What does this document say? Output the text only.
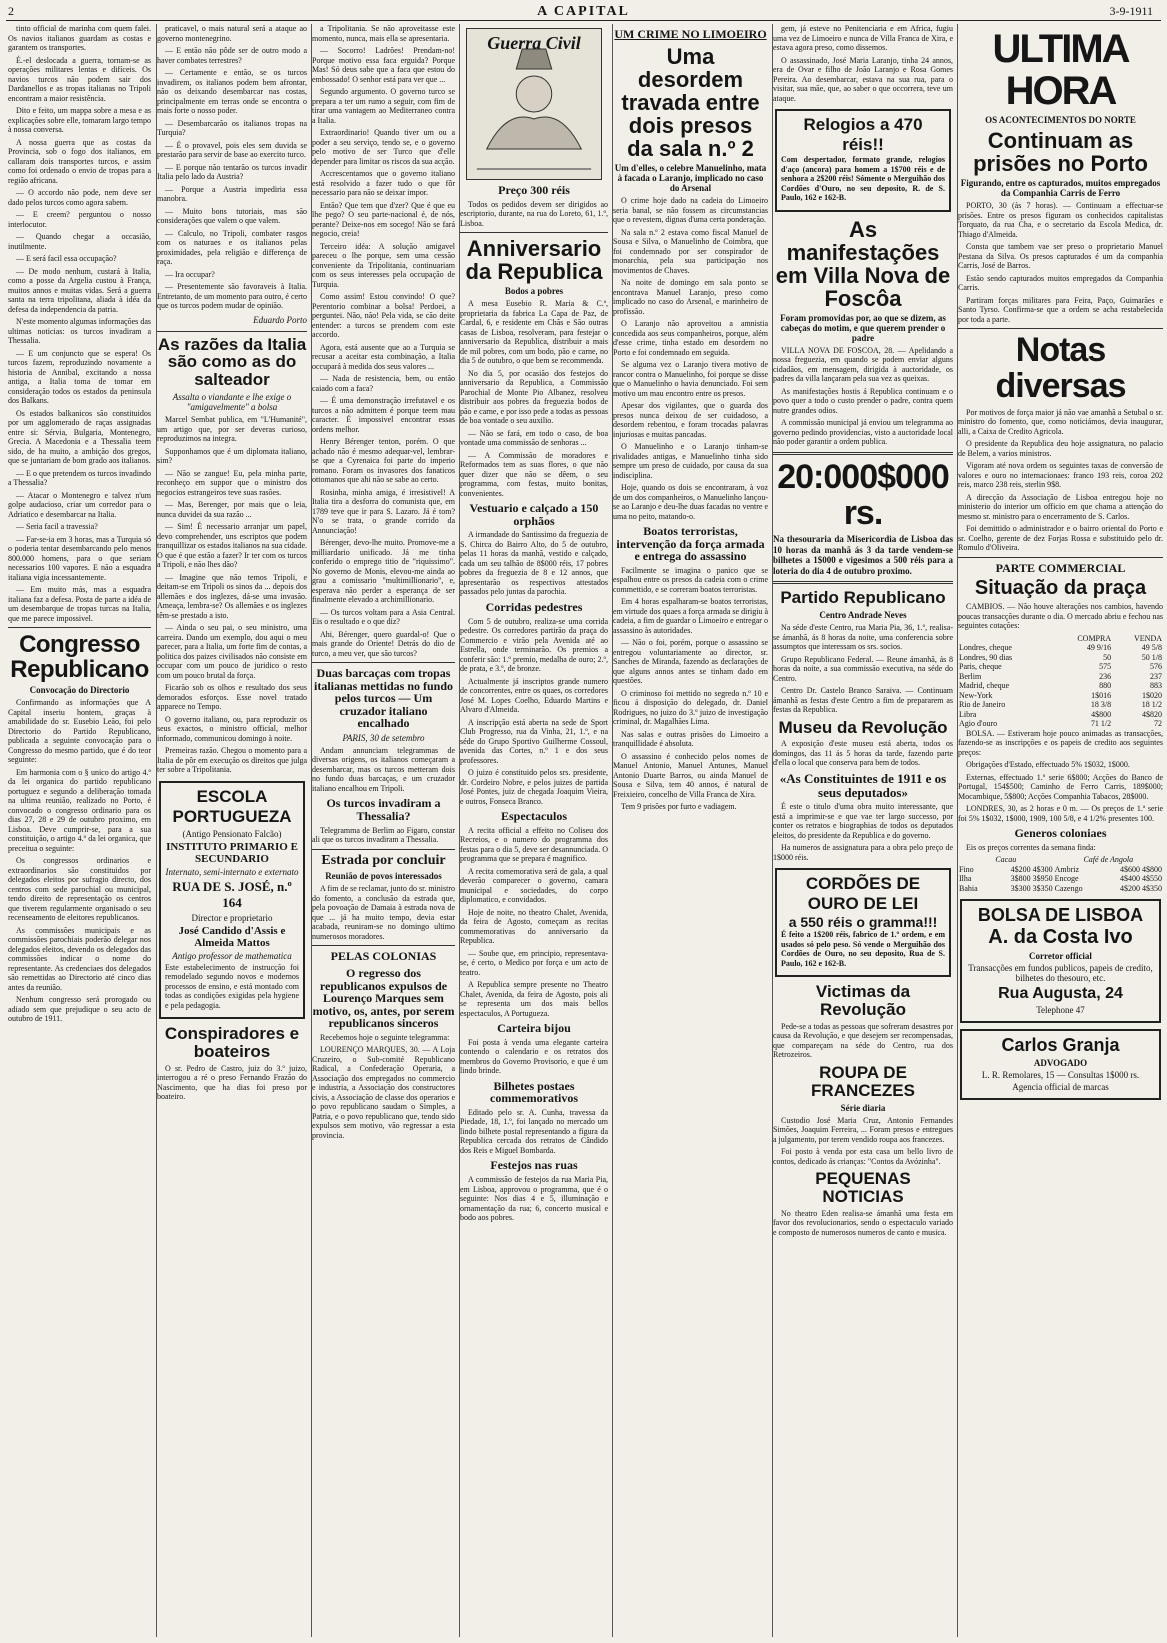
2	A CAPITAL	3-9-1911

tinto official de marinha com quem falei. Os navios italianos guardam as costas e garantem os transportes.

É.-el deslocada a guerra, tornam-se as operações militares lentas e difíceis. Os navios turcos não podem sair dos Dardanellos e as tropas italianas no Tripoli encontram a maior resistência.

Dito e feito, um mappa sobre a mesa e as explicações sobre elle, tomaram largo tempo à nossa conversa.

A nossa guerra que as costas da Provincia, sob o fogo dos italianos, em callaram dois transportes turcos, e assim como foi ordenado o envio de tropas para a região africana.

— O accordo não pode, nem deve ser dado pelos turcos como agora sabem.

— E creem? perguntou o nosso interlocutor.

— Quando chegar a occasião, inutilmente.

— E será facil essa occupação?

— De modo nenhum, custará à Italia, como a posse da Argelia custou à França, muitos annos e muitas vidas. Será a guerra santa na terra tripolitana, aliada à idéa da defesa da independencia da patria.

N'este momento algumas informações das ultimas noticias: os turcos invadiram a Thessalia.

— E um conjuncto que se espera! Os turcos fazem, reproduzindo novamente a historia de Annibal, excitando a nossa antiga, a Italia toma de tomar em consideração todos os estados da peninsula dos Balkans.

Os estados balkanicos são constituidos por um agglomerado de raças assignadas entre si: Sérvia, Bulgaria, Montenegro, Grecia. A Macedonia e a Thessalia teem sido, de ha muito, a ambição dos gregos, que se juntariam de bom grado aos italianos.

— E o que pretendem os turcos invadindo a Thessalia?

— Atacar o Montenegro e talvez n'um golpe audacioso, criar um corredor para o Adriatico e desembarcar na Italia.

— Seria facil a travessia?

— Far-se-ia em 3 horas, mas a Turquia só o poderia tentar desembarcando pelo menos 800.000 homens, para o que seriam necessarios 100 vapores. E não a esquadra italiana vigia incessantemente.

— Em muito más, mas a esquadra italiana faz a defesa. Posta de parte a idéa de um desembarque de tropas turcas na Italia, que me parece impossivel.

Congresso Republicano
Convocação do Directorio

Confirmando as informações que A Capital inseriu hontem, graças à amabilidade do sr. Eusebio Leão, foi pelo Directorio do Partido Republicano, publicada a seguinte convocação para o Congresso do mesmo partido, que é do teor seguinte:

Em harmonia com o § unico do artigo 4.º da lei organica do partido republicano portuguez e segundo a deliberação tomada na ultima reunião, realizado no Porto, é convocado o congresso ordinario para os dias 27, 28 e 29 de outubro proximo, em Lisboa. Deve cumprir-se, para a sua constituição, o artigo 4.º da lei organica, que preceitua o seguinte:

Os congressos ordinarios e extraordinarios são constituidos por delegados eleitos por sufragio directo, dos centros com sede parochial ou municipal, tendo direito de representação os centros que tiverem regularmente organisado o seu recenseamento de eleitores republicanos.

As commissões municipais e as commissões parochiais poderão delegar nos delegados eleitos, devendo os delegados das commissões indicar o nome do representante. As credenciaes dos delegados são remettidas ao Directorio até cinco dias antes da reunião.

Nenhum congresso será prorogado ou adiado sem que prejudique o seu acto de outubro de 1911.

praticavel, o mais natural será a ataque ao governo montenegrino.

— E então não pôde ser de outro modo a haver combates terrestres?

— Certamente e então, se os turcos invadirem, os italianos podem bem afrontar, não os deixando desembarcar nas costas, principalmente em terras onde se encontra o mais forte o nosso poder.

— Desembarcarão os italianos tropas na Turquia?

— É o provavel, pois eles sem duvida se prestarão para servir de base ao exercito turco.

— E porque não tentarão os turcos invadir Italia pelo lado da Austria?

— Porque a Austria impediria essa manobra.

— Muito bons tutoriais, mas são considerações que valem o que valem.

— Calculo, no Tripoli, combater rasgos com os naturaes e os italianos pelas proximidades, pela religião e differença de raça.

— Ira occupar?

— Presentemente são favoraveis à Italia. Entretanto, de um momento para outro, é certo que os turcos podem mudar de opinião.

Eduardo Porto
As razões da Italia são como as do salteador
Assalta o viandante e lhe exige o "amigavelmente" a bolsa

Marcel Sembat publica, em "L'Humanité", um artigo que, por ser deveras curioso, reproduzimos na integra.

Supponhamos que é um diplomata italiano, sim?

— Não se zangue! Eu, pela minha parte, reconheço em suppor que o ministro dos negocios estrangeiros teve suas rasões.

— Mas, Berenger, por mais que o leia, nunca duvidei da sua razão ...

— Sim! É necessario arranjar um papel, devo comprehender, uns escriptos que podem tranquillizar os estados italianos na sua cidade. O que é que estão a fazer? Ir ter com os turcos a Tripoli, e não lhes dão?

— Imagine que não temos Tripoli, e deitam-se em Tripoli os sinos da ... depois dos allemães e dos inglezes, dá-se uma invasão. Ameaça, lembra-se? Os allemães e os inglezes têm-se prestado a isto.

— Ainda o seu pai, o seu ministro, uma carreira. Dando um exemplo, dou aqui o meu parecer, para a Italia, um forte fim de contas, a politica dos paizes civilisados não consiste em occupar com um pouco de juridico o resto com um pouco brutal da força.

Ficarão sob os olhos e resultado dos seus demorados esforços. Esse novel tratado apparece no Tempo.

O governo italiano, ou, para reproduzir os seus exactos, o ministro official, melhor informado, communicou domingo à noite.

Premeiras razão. Chegou o momento para a Italia de pôr em execução os direitos que julga ter sobre a Tripolitania.

ESCOLA PORTUGUEZA
(Antigo Pensionato Falcão)
INSTITUTO PRIMARIO E SECUNDARIO
Internato, semi-internato e externato
RUA DE S. JOSÉ, n.º 164
Director e proprietario
José Candido d'Assis e Almeida Mattos
Antigo professor de mathematica

Este estabelecimento de instrucção foi remodelado segundo novos e modernos processos de ensino, e está montado com todas as condições exigidas pela hygiene e pela pedagogia.

Conspiradores e boateiros

O sr. Pedro de Castro, juiz do 3.º juizo, interrogou a ré o preso Fernando Frazão do Nascimento, que ha dias foi preso por boateiro.

a Tripolitania. Se não aproveitasse este momento, nunca, mais ella se apresentaria.

— Socorro! Ladrões! Prendam-no! Porque motivo essa faca erguida? Porque Mas! Só deus sabe que a faca que estou do embossado! O senhor está para ver que ...

Segundo argumento. O governo turco se prepara a ter um rumo a seguir, com fim de tirar uma vantagem ao Mediterraneo contra a Italia.

Extraordinario! Quando tiver um ou a poder a seu serviço, tendo se, e o governo pelo motivo de ser Turco que d'elle depender para limitar os riscos da sua acção.

Accrescentamos que o governo italiano está resolvido a fazer tudo o que fôr necessario para não se deixar impor.

Então? Que tem que d'zer? Que é que eu lhe pego? O seu parte-nacional é, de nós, perante? Deixe-nos em socego! Não se fará negocio, creia!

Terceiro idéa: A solução amigavel pareceu o lhe porque, sem uma cessão conveniente da Tripolitania, continuariam com os seus interesses pela occupação de Turquia.

Como assim! Estou convindo! O que? Perentorio combinar a bolsa! Perdoei, a perguntei. Não, não! Pela vida, se cão deite entender: a turcos se prendem com este accordo.

Agora, está ausente que ao a Turquia se recusar a aceitar esta combinação, a Italia occupará à medida dos seus valores ...

— Nada de resistencia, bem, ou então caiado com a faca?

— É uma demonstração irrefutavel e os turcos a não admittem é porque teem mau caracter. É impossivel encontrar essas ordens melhor.

Henry Bérenger tenton, porém. O que achado não é mesmo adequar-vel, lembrar-se que a Cyrenaica foi parte do imperio romano. Foram os invasores dos fanaticos ottomanos que ahi não se sabe ao certo.

Rosinha, minha amiga, é irresistivel! A Italia tira a desforra do comunista que, em 1789 teve que ir para S. Lazaro. Já é tom? N'o se trata, o grande corrido da Annunciação!

Bérenger, devo-lhe muito. Promove-me a milliardario unificado. Já me tinha conferido o emprego titio de "riquissimo". No governo de Monis, elevou-me ainda ao grau a comissario "multimillionario", e, esperava não perder a esperança de ser finalmente elevado a archimillionario.

— Os turcos voltam para a Asia Central. Eis o resultado e o que diz?

Ahi, Bérenger, quero guardal-o! Que o mais grande do Oriente! Detrás do dio de turco, a meu ver, que são turcos?

Duas barcaças com tropas italianas mettidas no fundo pelos turcos — Um cruzador italiano encalhado
PARIS, 30 de setembro

Andam annunciam telegrammas de diversas origens, os italianos começaram a desembarcar, mas os turcos metteram dois no fundo duas barcaças, e um cruzador italiano encalhou em Tripoli.

Os turcos invadiram a Thessalia?

Telegramma de Berlim ao Figaro, constar ali que os turcos invadiram a Thessalia.

Estrada por concluir
Reunião de povos interessados

A fim de se reclamar, junto do sr. ministro do fomento, a conclusão da estrada que, pela povoação de Damaia à estrada nova de que ... já ha muito tempo, devia estar acabada, reuniram-se no domingo ultimo numerosos moradores.

PELAS COLONIAS
O regresso dos republicanos expulsos de Lourenço Marques sem motivo, os, antes, por serem republicanos sinceros

Recebemos hoje o seguinte telegramma:

LOURENÇO MARQUES, 30. — A Loja Cruzeiro, o Sub-comité Republicano Radical, a Confederação Operaria, a Associação dos empregados no commercio e industria, a Associação dos constructores civis, a Associação de classe dos operarios e o povo republicano saudam o Simples, a Patria, e o povo republicano que, tendo sido expulsos sem motivo, vão regressar a esta provincia.

Guerra Civil
Preço 300 réis

Todos os pedidos devem ser dirigidos ao escriptorio, durante, na rua do Loreto, 61, 1.º, Lisboa.

Anniversario da Republica
Bodos a pobres

A mesa Eusebio R. Maria & C.ª, proprietaria da fabrica La Capa de Paz, de Cardal, 6, e residente em Chãs e São outras casas de Lisboa, resolveram, para festejar o anniversario da Republica, distribuir a mais de mil pobres, com um bodo, pão e carne, no dia 5 de outubro, o que bem se recommenda.

No dia 5, por ocasião dos festejos do anniversario da Republica, a Commissão Parochial de Monte Pio Albanez, resolveu distribuir aos pobres da freguezia bodos de pão e carne, e por isso pede a todas as pessoas de boa vontade o seu auxilio.

— Não se fará, em todo o caso, de boa vontade uma commissão de senhoras ...

— A Commissão de moradores e Reformados tem as suas flores, o que não quer dizer que não se dêem, o seu programma, com festas, muito bonitas, convenientes.

Vestuario e calçado a 150 orphãos

A irmandade do Santissimo da freguezia de S. Chirca do Bairro Alto, do 5 de outubro, pelas 11 horas da manhã, vestido e calçado, cada um seu talhão de 8$000 réis, 17 pobres pobres da freguezia de 8 e 12 annos, que apresentarão os respectivos attestados passados pelo juntas da parochia.

Corridas pedestres

Com 5 de outubro, realiza-se uma corrida pedestre. Os corredores partirão da praça do Commercio e virão pela Avenida até ao Estrella, onde terminarão. Os premios a conferir são: 1.º premio, medalha de ouro; 2.º, de prata, e 3.º, de bronze.

Actualmente já inscriptos grande numero de concorrentes, entre os quaes, os corredores José M. Lopes Coelho, Eduardo Martins e Alvaro d'Almeida.

A inscripção está aberta na sede de Sport Club Progresso, rua da Vinha, 21, 1.º, e na séde do Grupo Sportivo Guilherme Cossoul, avenida das Cortes, n.º 1 e dos seus professores.

O juizo é constituido pelos srs. presidente, dr. Cordeiro Nobre, e pelos juizes de partida José Pontes, juiz de chegada Joaquim Vieira, e outros, Fonseca Branco.

Espectaculos

A recita official a effeito no Coliseu dos Recreios, e o numero do programma dos festas para o dia 5, deve ser desannunciada. O programma que se prepara é magnifico.

A recita comemorativa será de gala, a qual deverão comparecer o governo, camara municipal e sociedades, do corpo diplomatico, e convidados.

Hoje de noite, no theatro Chalet, Avenida, da feira de Agosto, começam as recitas commemorativas do anniversario da Republica.

— Soube que, em principio, representava-se, é certo, o Medico por força e um acto de teatro.

A Republica sempre presente no Theatro Chalet, Avenida, da feira de Agosto, pois ali se representa um dos mais bellos espectaculos, A Portugueza.

Carteira bijou

Foi posta à venda uma elegante carteira contendo o calendario e os retratos dos membros do Governo Provisorio, e que é um lindo brinde.

Bilhetes postaes commemorativos

Editado pelo sr. A. Cunha, travessa da Piedade, 18, 1.º, foi lançado no mercado um lindo bilhete postal representando a figura da Republica cercada dos retratos de Cândido dos Reis e Miguel Bombarda.

Festejos nas ruas

A commissão de festejos da rua Maria Pia, em Lisboa, approvou o programma, que é o seguinte: Nos dias 4 e 5, illuminação e ornamentação da rua; 6, concerto musical e bodo aos pobres.

UM CRIME NO LIMOEIRO
Uma desordem travada entre dois presos da sala n.º 2
Um d'elles, o celebre Manuelinho, mata à facada o Laranjo, implicado no caso do Arsenal

O crime hoje dado na cadeia do Limoeiro seria banal, se não fossem as circumstancias que o revestem, dignas d'uma certa ponderação.

Na sala n.º 2 estava como fiscal Manuel de Sousa e Silva, o Manuelinho de Coimbra, que foi condemnado por ser conspirador de monarchia, pela sua participação nos movimentos de Chaves.

Na noite de domingo em sala ponto se encontrava Manuel Laranjo, preso como implicado no caso do Arsenal, e marinheiro de profissão.

O Laranjo não aproveitou a amnistia concedida aos seus companheiros, porque, além d'esse crime, tinha estado em desordem no Porto e foi condemnado em seguida.

Se alguma vez o Laranjo tivera motivo de rancor contra o Manuelinho, foi porque se disse que o Manuelinho o havia denunciado. Foi sem motivo um mau encontro entre os presos.

Apesar dos vigilantes, que o guarda dos presos nunca deixou de ser cuidadoso, a desordem rebentou, e foram trocadas palavras injuriosas e muitas pancadas.

O Manuelinho e o Laranjo tinham-se rivalidades antigas, e Manuelinho tinha sido sempre um preso de cuidado, por causa da sua indisciplina.

Hoje, quando os dois se encontraram, à voz de um dos companheiros, o Manuelinho lançou-se ao Laranjo e deu-lhe duas facadas no ventre e uma no peito, matando-o.

Boatos terroristas, intervenção da força armada e entrega do assassino

Facilmente se imagina o panico que se espalhou entre os presos da cadeia com o crime commettido, e se correram boatos terroristas.

Em 4 horas espalharam-se boatos terroristas, em virtude dos quaes a força armada se dirigiu à cadeia, a fim de guardar o Limoeiro e entregar o assassino às autoridades.

— Não o foi, porém, porque o assassino se entregou voluntariamente ao director, sr. Sanches de Miranda, fazendo as declarações de que alguns annos antes se tinham dado em questões.

O criminoso foi mettido no segredo n.º 10 e ficou á disposição do delegado, dr. Daniel Rodrigues, no juizo do 3.º juizo de investigação criminal, dr. Magalhães Lima.

Nas salas e outras prisões do Limoeiro a tranquillidade é absoluta.

O assassino é conhecido pelos nomes de Manuel Antonio, Manuel Antunes, Manuel Antonio Duarte Barros, ou ainda Manuel de Sousa e Silva, tem 40 annos, é natural de Freixieiro, concelho de Villa Franca de Xira.

Tem 9 prisões por furto e vadiagem.

gem, já esteve no Penitenciaria e em Africa, fugiu uma vez de Limoeiro e nunca de Villa Franca de Xira, e estava agora preso, como dissemos.

O assassinado, José Maria Laranjo, tinha 24 annos, era de Ovar e filho de João Laranjo e Rosa Gomes Pereira. Ao desembarcar, estava na sua rua, para o visitar, sua mãe, que, ao saber o que occorrera, teve um ataque.

Relogios a 470 réis!!

Com despertador, formato grande, relogios d'aço (ancora) para homem a 1$700 réis e de senhora a 2$200 réis! Sómente o Merguihão dos Cordões d'Ouro, no seu deposito, R. de S. Paulo, 162 e 162-B.

As manifestações em Villa Nova de Foscôa
Foram promovidas por, ao que se dizem, as cabeças do motim, e que querem prender o padre

VILLA NOVA DE FOSCOA, 28. — Apelidando a nossa freguezia, em quando se podem enviar alguns cidadãos, em mensagem, dirigida à auctoridade, os padres da villa lançaram pela sua vez as queixas.

As manifestações hostis á Republica continuam e o povo quer a todo o custo prender o padre, contra quem nutre grandes odios.

A commissão municipal já enviou um telegramma ao governo pedindo providencias, visto a auctoridade local não poder garantir a ordem publica.

20:000$000 rs.

Na thesouraria da Misericordia de Lisboa das 10 horas da manhã ás 3 da tarde vendem-se bilhetes a 1$000 e vigesimos a 500 réis para a loteria do dia 4 de outubro proximo.

Partido Republicano
Centro Andrade Neves

Na séde d'este Centro, rua Maria Pia, 36, 1.º, realisa-se ámanhã, ás 8 horas da noite, uma conferencia sobre assumptos que interessam os srs. socios.

Grupo Republicano Federal. — Reune ámanhã, ás 8 horas da noite, a sua commissão executiva, na séde do Centro.

Centro Dr. Castelo Branco Saraiva. — Continuam ámanhã as festas d'este Centro a fim de prepararem as festas da Republica.

Museu da Revolução

A exposição d'este museu está aberta, todos os domingos, das 11 ás 5 horas da tarde, fazendo parte d'ella o local que conserva para bem de todos.

«As Constituintes de 1911 e os seus deputados»

É este o titulo d'uma obra muito interessante, que está a imprimir-se e que vae ter largo successo, por conter os retratos e biographias de todos os deputados eleitos, do presidente da Republica e do governo.

Ha numeros de assignatura para a obra pelo preço de 1$000 réis.

CORDÕES DE OURO DE LEI
a 550 réis o gramma!!!

É feito a 1$200 réis, fabrico de 1.º ordem, e em usados só pelo peso. Só vende o Merguihão dos Cordões de Ouro, no seu deposito, Rua de S. Paulo, 162 e 162-B.

Victimas da Revolução

Pede-se a todas as pessoas que sofreram desastres por causa da Revolução, e que desejem ser recompensadas, que compareçam na séde do Centro, rua dos Retrozeiros.

ROUPA DE FRANCEZES
Série diaria

Custodio José Maria Cruz, Antonio Fernandes Simões, Joaquim Ferreira, ... Foram presos e entregues a julgamento, por terem vendido roupa aos francezes.

Foi posto à venda por esta casa um bello livro de contos, dedicado ás crianças: "Contos da Avózinha".

PEQUENAS NOTICIAS

No theatro Eden realisa-se ámanhã uma festa em favor dos revolucionarios, sendo o espectaculo variado e composto de numerosos numeros de canto e musica.

ULTIMA HORA
OS ACONTECIMENTOS DO NORTE
Continuam as prisões no Porto
Figurando, entre os capturados, muitos empregados da Companhia Carris de Ferro

PORTO, 30 (ás 7 horas). — Continuam a effectuar-se prisões. Entre os presos figuram os conhecidos capitalistas Torquato, da rua Cha, e o secretario da Escola Medica, dr. Thiago d'Almeida.

Consta que tambem vae ser preso o proprietario Manuel Pestana da Silva. Os presos capturados é um da companhia Carris, José de Barros.

Estão sendo capturados muitos empregados da Companhia Carris.

Partiram forças militares para Feira, Paço, Guimarães e Santo Tyrso. Confirma-se que a ordem se acha restabelecida por toda a parte.

Notas diversas

Por motivos de força maior já não vae amanhã a Setubal o sr. ministro do fomento, que, como noticiámos, devia inaugurar, alli, a Caixa de Credito Agricola.

O presidente da Republica deu hoje assignatura, no palacio de Belem, a varios ministros.

Vigoram até nova ordem os seguintes taxas de conversão de valores e ouro no internacionaes: franco 193 reis, coroa 202 reis, marco 238 reis, sterlin 9$8.

A direcção da Associação de Lisboa entregou hoje no ministerio do interior um officio em que chama a attenção do mesmo sr. ministro para o encerramento de S. Carlos.

Foi demittido o administrador e o bairro oriental do Porto e sr. Coelho, gerente de dez Forjas Rossa e substituido pelo dr. Romulo d'Oliveira.

PARTE COMMERCIAL
Situação da praça

CAMBIOS. — Não houve alterações nos cambios, havendo poucas transacções durante o dia. O mercado abriu e fechou nas seguintes cotações:

	COMPRA	VENDA
Londres, cheque	49 9/16	49 5/8
Londres, 90 dias	50	50 1/8
Paris, cheque	575	576
Berlim	236	237
Madrid, cheque	880	883
New-York	1$016	1$020
Rio de Janeiro	18 3/8	18 1/2
Libra	4$800	4$820
Agio d'ouro	71 1/2	72

BOLSA. — Estiveram hoje pouco animadas as transacções, fazendo-se as inscripções e os papeis de credito aos seguintes preços:

Obrigações d'Estado, effectuado 5% 1$032, 1$000.

Externas, effectuado 1.º serie 6$800; Acções do Banco de Portugal, 154$500; Caminho de Ferro Carris, 189$000; Mocambique, 5$800; Acções Companhia Tabacos, 28$000.

LONDRES, 30, as 2 horas e 0 m. — Os preços de 1.ª serie foi 5% 1$032, 1$000, 1909, 100 5/8, e 4 1/2% presentes 100.

Generos coloniaes

Eis os preços correntes da semana finda:

Cacau		Café de Angola	
Fino	4$200 4$300	Ambriz	4$600 4$800
Ilha	3$800 3$950	Encoge	4$400 4$550
Bahia	3$300 3$350	Cazengo	4$200 4$350
BOLSA DE LISBOA
A. da Costa Ivo
Corretor official
Transacções em fundos publicos, papeis de credito, bilhetes do thesouro, etc.
Rua Augusta, 24
Telephone 47
Carlos Granja
ADVOGADO
L. R. Remolares, 15 — Consultas 1$000 rs.
Agencia official de marcas
